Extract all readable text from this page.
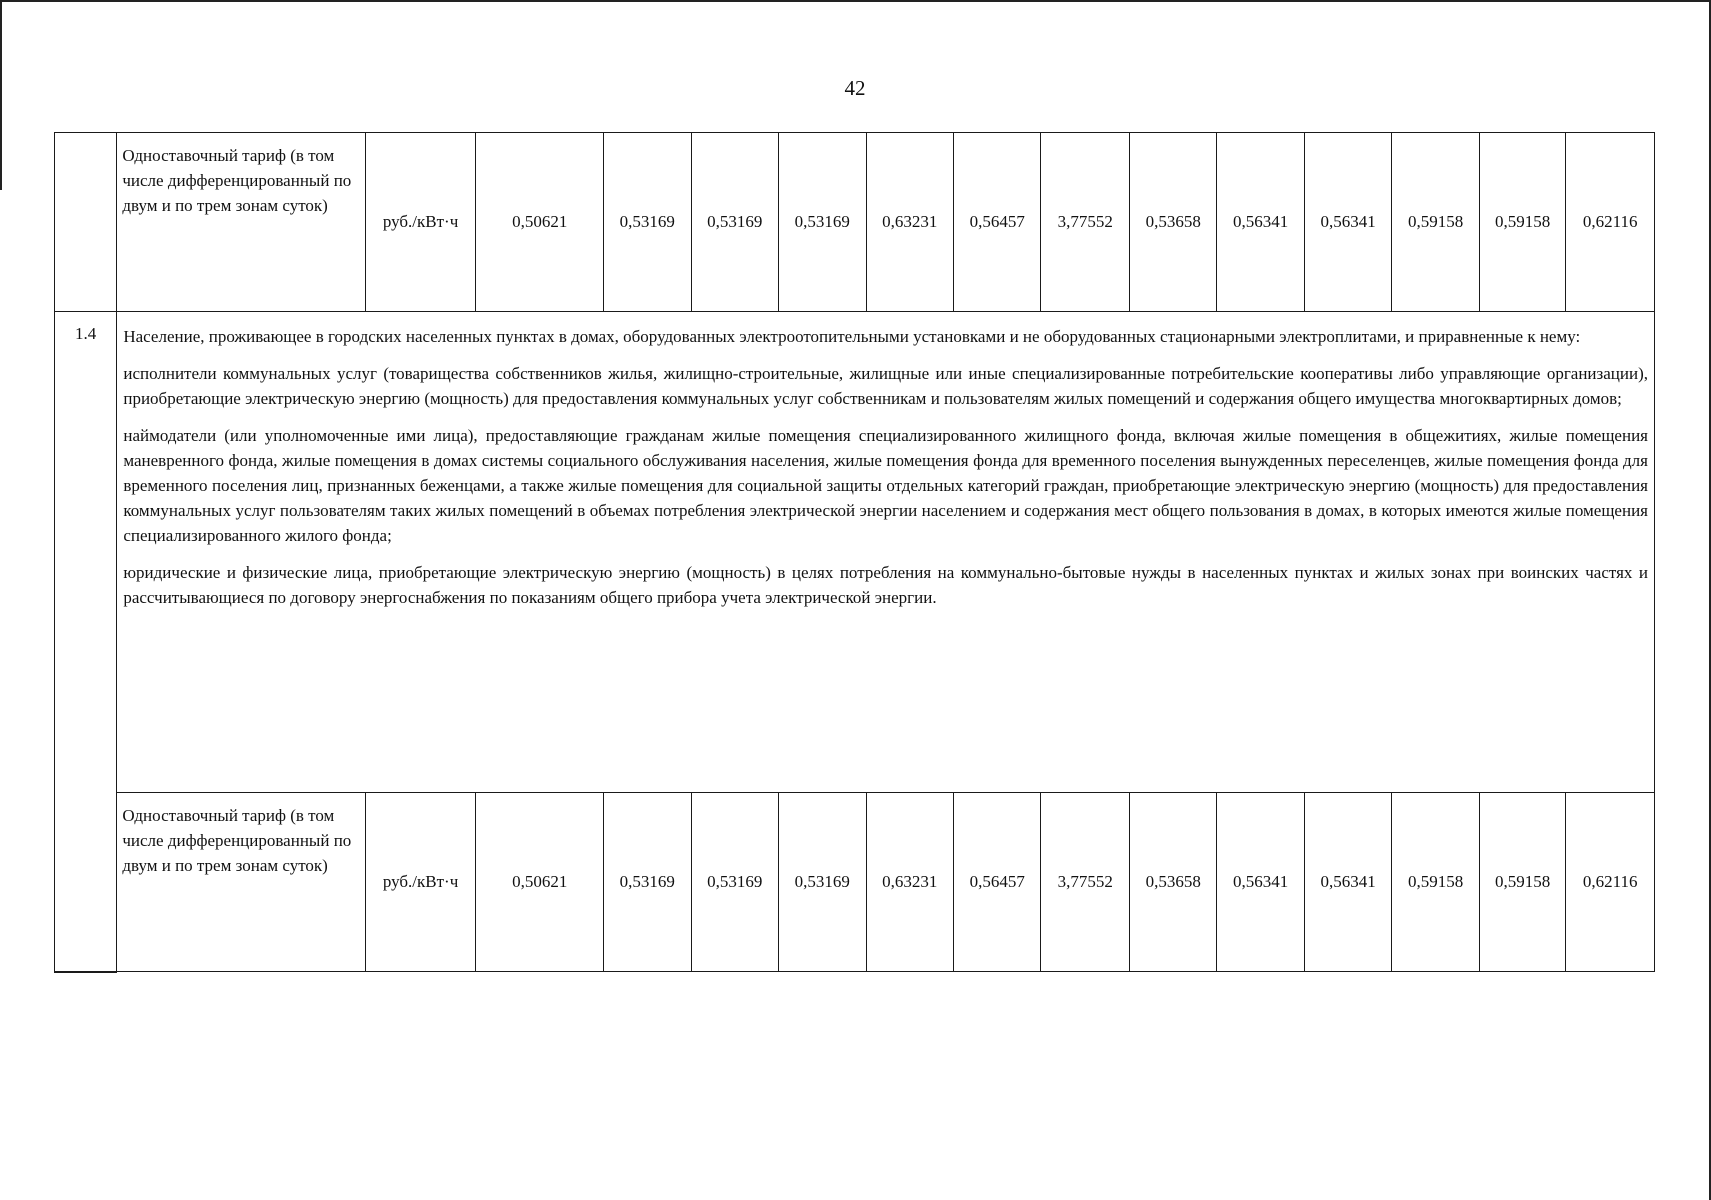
42
	Одноставочный тариф (в том числе дифференцированный по двум и по трем зонам суток)	руб./кВт·ч	0,50621	0,53169	0,53169	0,53169	0,63231	0,56457	3,77552	0,53658	0,56341	0,56341	0,59158	0,59158	0,62116
1.4	Население, проживающее в городских населенных пунктах в домах, оборудованных электроотопительными установками и не оборудованных стационарными электроплитами, и приравненные к нему:

исполнители коммунальных услуг (товарищества собственников жилья, жилищно-строительные, жилищные или иные специализированные потребительские кооперативы либо управляющие организации), приобретающие электрическую энергию (мощность) для предоставления коммунальных услуг собственникам и пользователям жилых помещений и содержания общего имущества многоквартирных домов;

наймодатели (или уполномоченные ими лица), предоставляющие гражданам жилые помещения специализированного жилищного фонда, включая жилые помещения в общежитиях, жилые помещения маневренного фонда, жилые помещения в домах системы социального обслуживания населения, жилые помещения фонда для временного поселения вынужденных переселенцев, жилые помещения фонда для временного поселения лиц, признанных беженцами, а также жилые помещения для социальной защиты отдельных категорий граждан, приобретающие электрическую энергию (мощность) для предоставления коммунальных услуг пользователям таких жилых помещений в объемах потребления электрической энергии населением и содержания мест общего пользования в домах, в которых имеются жилые помещения специализированного жилого фонда;

юридические и физические лица, приобретающие электрическую энергию (мощность) в целях потребления на коммунально-бытовые нужды в населенных пунктах и жилых зонах при воинских частях и рассчитывающиеся по договору энергоснабжения по показаниям общего прибора учета электрической энергии.														

	Одноставочный тариф (в том числе дифференцированный по двум и по трем зонам суток)	руб./кВт·ч	0,50621	0,53169	0,53169	0,53169	0,63231	0,56457	3,77552	0,53658	0,56341	0,56341	0,59158	0,59158	0,62116
